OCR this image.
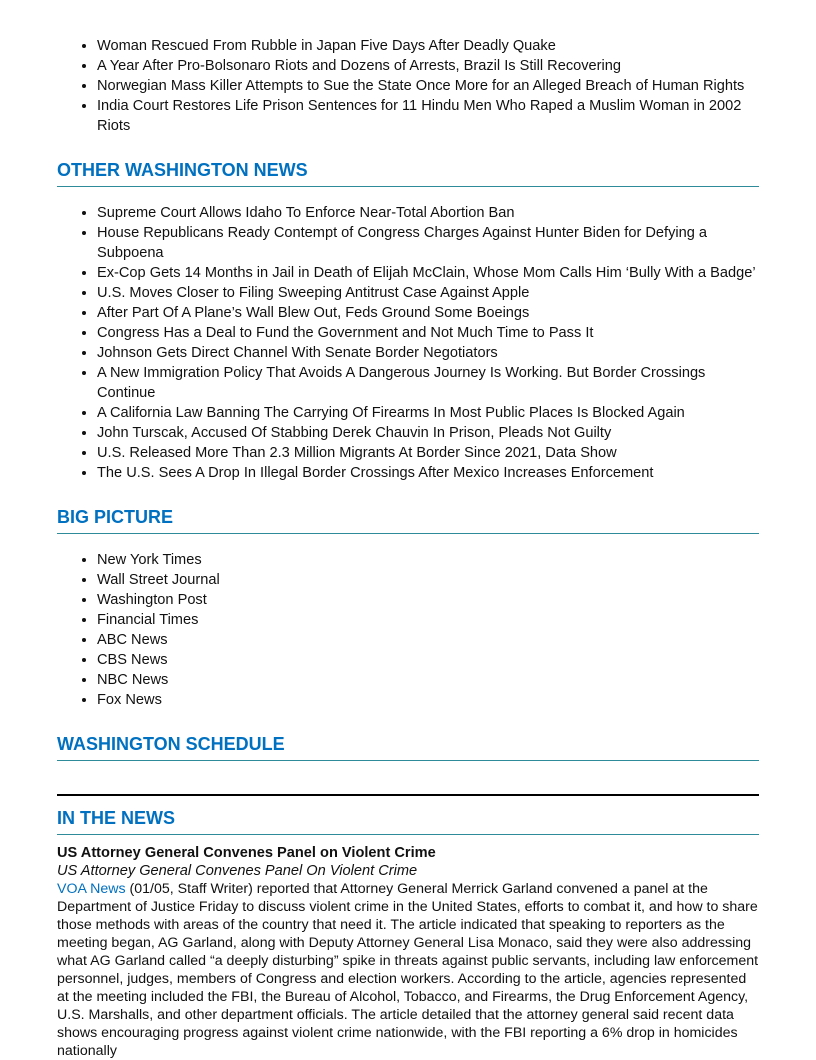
• Woman Rescued From Rubble in Japan Five Days After Deadly Quake
• A Year After Pro-Bolsonaro Riots and Dozens of Arrests, Brazil Is Still Recovering
• Norwegian Mass Killer Attempts to Sue the State Once More for an Alleged Breach of Human Rights
• India Court Restores Life Prison Sentences for 11 Hindu Men Who Raped a Muslim Woman in 2002 Riots
OTHER WASHINGTON NEWS
• Supreme Court Allows Idaho To Enforce Near-Total Abortion Ban
• House Republicans Ready Contempt of Congress Charges Against Hunter Biden for Defying a Subpoena
• Ex-Cop Gets 14 Months in Jail in Death of Elijah McClain, Whose Mom Calls Him ‘Bully With a Badge’
• U.S. Moves Closer to Filing Sweeping Antitrust Case Against Apple
• After Part Of A Plane’s Wall Blew Out, Feds Ground Some Boeings
• Congress Has a Deal to Fund the Government and Not Much Time to Pass It
• Johnson Gets Direct Channel With Senate Border Negotiators
• A New Immigration Policy That Avoids A Dangerous Journey Is Working. But Border Crossings Continue
• A California Law Banning The Carrying Of Firearms In Most Public Places Is Blocked Again
• John Turscak, Accused Of Stabbing Derek Chauvin In Prison, Pleads Not Guilty
• U.S. Released More Than 2.3 Million Migrants At Border Since 2021, Data Show
• The U.S. Sees A Drop In Illegal Border Crossings After Mexico Increases Enforcement
BIG PICTURE
• New York Times
• Wall Street Journal
• Washington Post
• Financial Times
• ABC News
• CBS News
• NBC News
• Fox News
WASHINGTON SCHEDULE
IN THE NEWS

US Attorney General Convenes Panel on Violent Crime

US Attorney General Convenes Panel On Violent Crime

VOA News (01/05, Staff Writer) reported that Attorney General Merrick Garland convened a panel at the Department of Justice Friday to discuss violent crime in the United States, efforts to combat it, and how to share those methods with areas of the country that need it. The article indicated that speaking to reporters as the meeting began, AG Garland, along with Deputy Attorney General Lisa Monaco, said they were also addressing what AG Garland called “a deeply disturbing” spike in threats against public servants, including law enforcement personnel, judges, members of Congress and election workers. According to the article, agencies represented at the meeting included the FBI, the Bureau of Alcohol, Tobacco, and Firearms, the Drug Enforcement Agency, U.S. Marshalls, and other department officials. The article detailed that the attorney general said recent data shows encouraging progress against violent crime nationwide, with the FBI reporting a 6% drop in homicides nationally
